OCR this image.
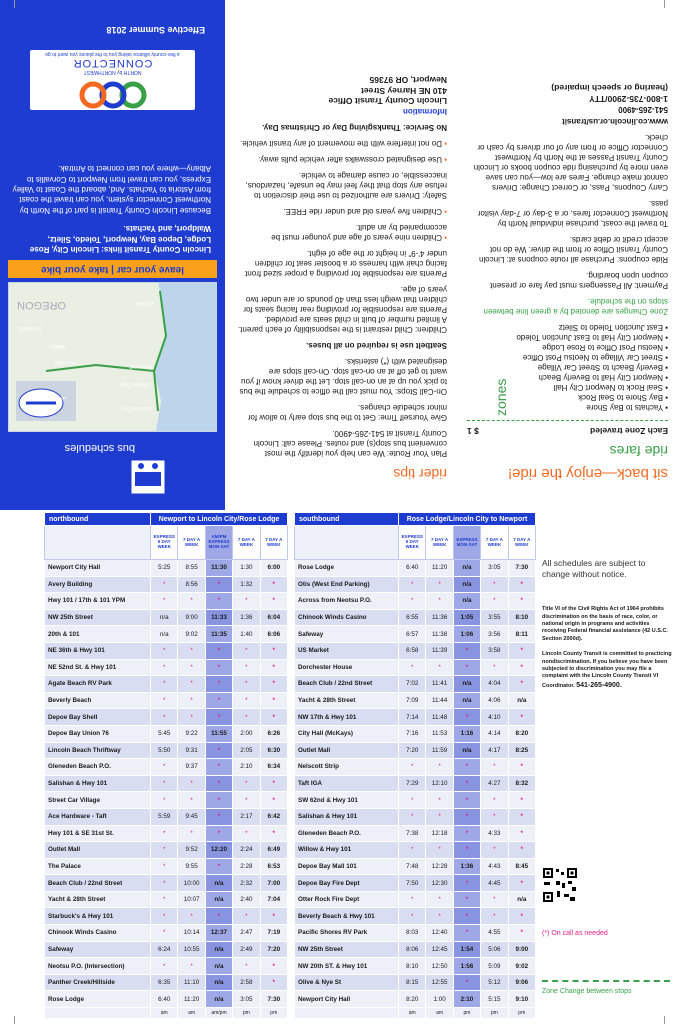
sit back—enjoy the ride!
ride fares
Each Zone traveled
$ 1
• Yachats to Bay Shore
• Bay Shore to Seal Rock
• Seal Rock to Newport City Hall
• Newport City Hall to Beverly Beach
• Beverly Beach to Street Car Village
• Street Car Village to Neotsu Post Office
• Neotsu Post Office to Rose Lodge
• Newport City Hall to East Junction Toledo
• East Junction Toledo to Siletz
zones
Zone Changes are denoted by a green line between stops on the schedule.
Payment: All Passengers must pay fare or present coupon upon boarding.
Ride coupons: Purchase all route coupons at: Lincoln County Transit Office or from the driver. We do not accept credit or debit cards.
To travel the coast, purchase individual North by Northwest Connector fares, or a 3-day or 7-day visitor pass.
Carry Coupons, Pass, or Correct Change: Drivers cannot make change. Fares are low—you can save even more by purchasing ride coupon books or Lincoln County Transit Passes at the North by Northwest Connector Office or from any of our drivers by cash or check.
www.co.lincoln.or.us/transit
541-265-4900
1-800-735-2900/TTY
(hearing or speech impaired)
rider tips
Plan Your Route: We can help you identify the most convenient bus stop(s) and routes. Please call: Lincoln County Transit at 541-265-4900.
Give Yourself Time: Get to the bus stop early to allow for minor schedule changes.
On-Call Stops: You must call the office to schedule the bus to pick you up at an on-call stop. Let the driver know if you want to get off at an on-call stop. On-call stops are designated with (*) asterisks.
Seatbelt use is required on all buses.
Children: Child restraint is the responsibility of each parent. A limited number of built in child seats are provided. Parents are responsible for providing rear facing seats for children that weigh less than 40 pounds or are under two years of age.
Parents are responsible for providing a proper sized front facing chair with harness or a booster seat for children under 4'-9" in height or the age of eight.
• Children nine years of age and younger must be accompanied by an adult.
• Children five years old and under ride FREE.
Safety: Drivers are authorized to use their discretion to refuse any stop that they feel may be unsafe, hazardous, inaccessible, or cause damage to vehicle.
• Use designated crosswalks after vehicle pulls away.
• Do not interfere with the movement of any transit vehicle.
No Service: Thanksgiving Day or Christmas Day.
Information
Lincoln County Transit Office
410 NE Harney Street
Newport, OR 97365
bus schedules
albany
corvallis
salem
Lincoln City
Depoe Bay
Newport
OREGON
portland
astoria
leave your car | take your bike
Lincoln County Transit links: Lincoln City, Rose Lodge, Depoe Bay, Newport, Toledo, Siletz, Waldport, and Yachats.
Because Lincoln County Transit is part of the North by Northwest Connector system, you can travel the coast from Astoria to Yachats. And, aboard the Coast to Valley Express, you can travel from Newport to Corvallis to Albany—where you can connect to Amtrak.
NORTH by NORTHWEST
CONNECTOR
a five-county alliance taking you to the places you want to go
Effective Summer 2018
northbound	Newport to Lincoln City/Rose Lodge				
	EXPRESS 6 DAY WEEK	7 DAY A WEEK	AM/PM EXPRESS MON-SAT	7 DAY A WEEK	7 DAY A WEEK
Newport City Hall	5:25	8:55	11:30	1:30	6:00
Avery Building	*	8:56	*	1:32	*
Hwy 101 / 17th & 101 YPM	*	*	*	*	*
NW 25th Street	n/a	9:00	11:33	1:36	6:04
20th & 101	n/a	9:02	11:35	1:40	6:06
NE 36th & Hwy 101	*	*	*	*	*
NE 52nd St. & Hwy 101	*	*	*	*	*
Agate Beach RV Park	*	*	*	*	*
Beverly Beach	*	*	*	*	*
Depoe Bay Shell	*	*	*	*	*
Depoe Bay Union 76	5:45	9:22	11:55	2:00	6:26
Lincoln Beach Thriftway	5:50	9:31	*	2:05	6:30
Gleneden Beach P.O.	*	9:37	*	2:10	6:34
Salishan & Hwy 101	*	*	*	*	*
Street Car Village	*	*	*	*	*
Ace Hardware - Taft	5:59	9:45	*	2:17	6:42
Hwy 101 & SE 31st St.	*	*	*	*	*
Outlet Mall	*	9:52	12:20	2:24	6:49
The Palace	*	9:55	*	2:28	6:53
Beach Club / 22nd Street	*	10:00	n/a	2:32	7:00
Yacht & 28th Street	*	10:07	n/a	2:40	7:04
Starbuck's & Hwy 101	*	*	*	*	*
Chinook Winds Casino	*	10:14	12:37	2:47	7:19
Safeway	6:24	10:55	n/a	2:49	7:20
Neotsu P.O. (Intersection)	*	*	n/a	*	*
Panther Creek/Hillside	6:35	11:10	n/a	2:58	*
Rose Lodge	6:40	11:20	n/a	3:05	7:30
	am	am	am/pm	pm	pm
southbound	Rose Lodge/Lincoln City to Newport				
	EXPRESS 6 DAY WEEK	7 DAY A WEEK	EXPRESS MON-SAT	7 DAY A WEEK	7 DAY A WEEK
Rose Lodge	6:40	11:20	n/a	3:05	7:30
Otis (West End Parking)	*	*	n/a	*	*
Across from Neotsu P.O.	*	*	n/a	*	*
Chinook Winds Casino	6:55	11:36	1:05	3:55	8:10
Safeway	6:57	11:38	1:06	3:56	8:11
US Market	6:58	11:39	*	3:58	*
Dorchester House	*	*	*	*	*
Beach Club / 22nd Street	7:02	11:41	n/a	4:04	*
Yacht & 28th Street	7:09	11:44	n/a	4:06	n/a
NW 17th & Hwy 101	7:14	11:48	*	4:10	*
City Hall (McKays)	7:16	11:53	1:16	4:14	8:20
Outlet Mall	7:20	11:59	n/a	4:17	8:25
Nelscott Strip	*	*	*	*	*
Taft IGA	7:29	12:10	*	4:27	8:32
SW 62nd & Hwy 101	*	*	*	*	*
Salishan & Hwy 101	*	*	*	*	*
Gleneden Beach P.O.	7:38	12:18	*	4:33	*
Willow & Hwy 101	*	*	*	*	*
Depoe Bay Mall 101	7:48	12:28	1:36	4:43	8:45
Depoe Bay Fire Dept	7:50	12:30	*	4:45	*
Otter Rock Fire Dept	*	*	*	*	n/a
Beverly Beach & Hwy 101	*	*	*	*	*
Pacific Shores RV Park	8:03	12:40	*	4:55	*
NW 25th Street	8:06	12:45	1:54	5:06	9:00
NW 20th ST. & Hwy 101	8:10	12:50	1:56	5:09	9:02
Olive & Nye St	8:15	12:55	*	5:12	9:06
Newport City Hall	8:20	1:00	2:10	5:15	9:10
	am	am	pm	pm	pm
All schedules are subject to change without notice.
Title VI of the Civil Rights Act of 1964 prohibits discrimination on the basis of race, color, or national origin in programs and activities receiving Federal financial assistance (42 U.S.C. Section 2000d).
Lincoln County Transit is committed to practicing nondiscrimination. If you believe you have been subjected to discrimination you may file a complaint with the Lincoln County Transit VI Coordinator. 541-265-4900.
(*) On call as needed
Zone Change between stops
